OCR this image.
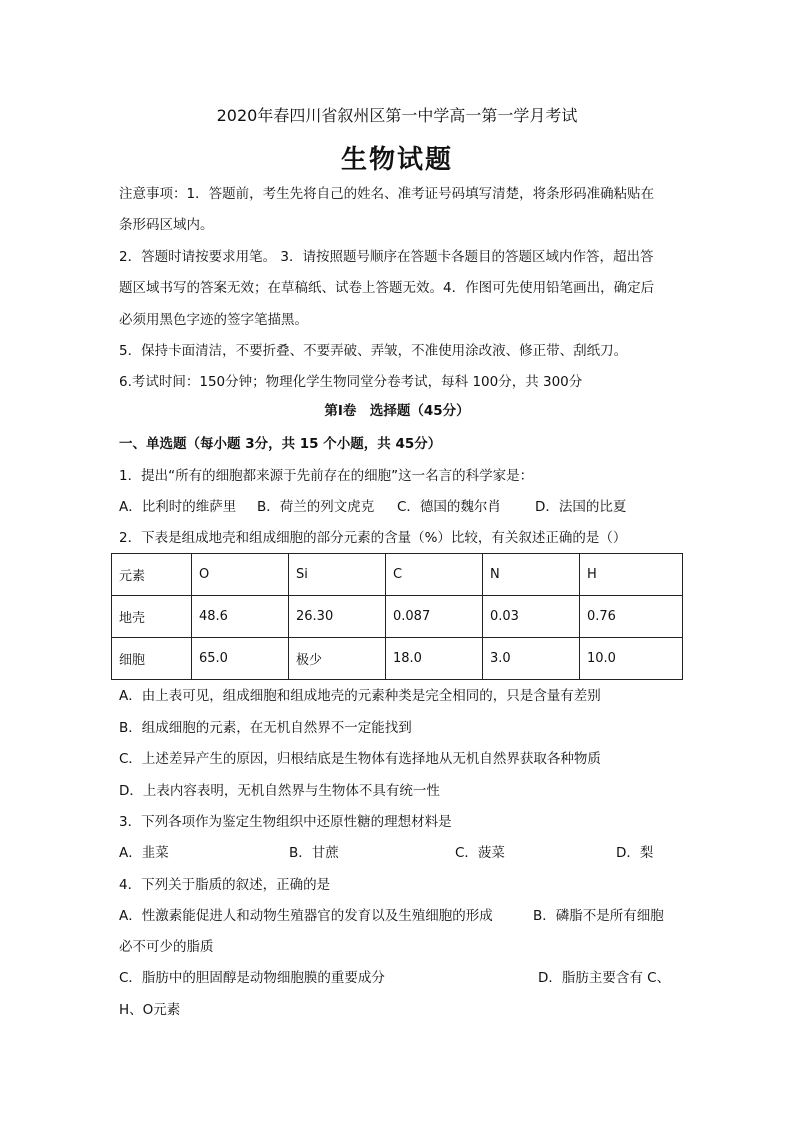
2020年春四川省叙州区第一中学高一第一学月考试
生物试题
注意事项：1．答题前，考生先将自己的姓名、准考证号码填写清楚，将条形码准确粘贴在
条形码区域内。
2．答题时请按要求用笔。 3．请按照题号顺序在答题卡各题目的答题区域内作答，超出答
题区域书写的答案无效；在草稿纸、试卷上答题无效。4．作图可先使用铅笔画出，确定后
必须用黑色字迹的签字笔描黑。
5．保持卡面清洁，不要折叠、不要弄破、弄皱，不准使用涂改液、修正带、刮纸刀。
6.考试时间：150分钟；物理化学生物同堂分卷考试，每科 100分，共 300分
第Ⅰ卷　选择题（45分）
一、单选题（每小题 3分，共 15 个小题，共 45分）
1．提出“所有的细胞都来源于先前存在的细胞”这一名言的科学家是：
A．比利时的维萨里 B．荷兰的列文虎克 C．德国的魏尔肖	D．法国的比夏
2．下表是组成地壳和组成细胞的部分元素的含量（%）比较，有关叙述正确的是（）
元素	O	Si	C	N	H
地壳	48.6	26.30	0.087	0.03	0.76
细胞	65.0	极少	18.0	3.0	10.0
A．由上表可见，组成细胞和组成地壳的元素种类是完全相同的，只是含量有差别
B．组成细胞的元素，在无机自然界不一定能找到
C．上述差异产生的原因，归根结底是生物体有选择地从无机自然界获取各种物质
D．上表内容表明，无机自然界与生物体不具有统一性
3．下列各项作为鉴定生物组织中还原性糖的理想材料是
A．韭菜	B．甘蔗	C．菠菜	D．梨
4．下列关于脂质的叙述，正确的是
A．性激素能促进人和动物生殖器官的发育以及生殖细胞的形成	B．磷脂不是所有细胞
必不可少的脂质
C．脂肪中的胆固醇是动物细胞膜的重要成分	D．脂肪主要含有 C、
H、O元素
